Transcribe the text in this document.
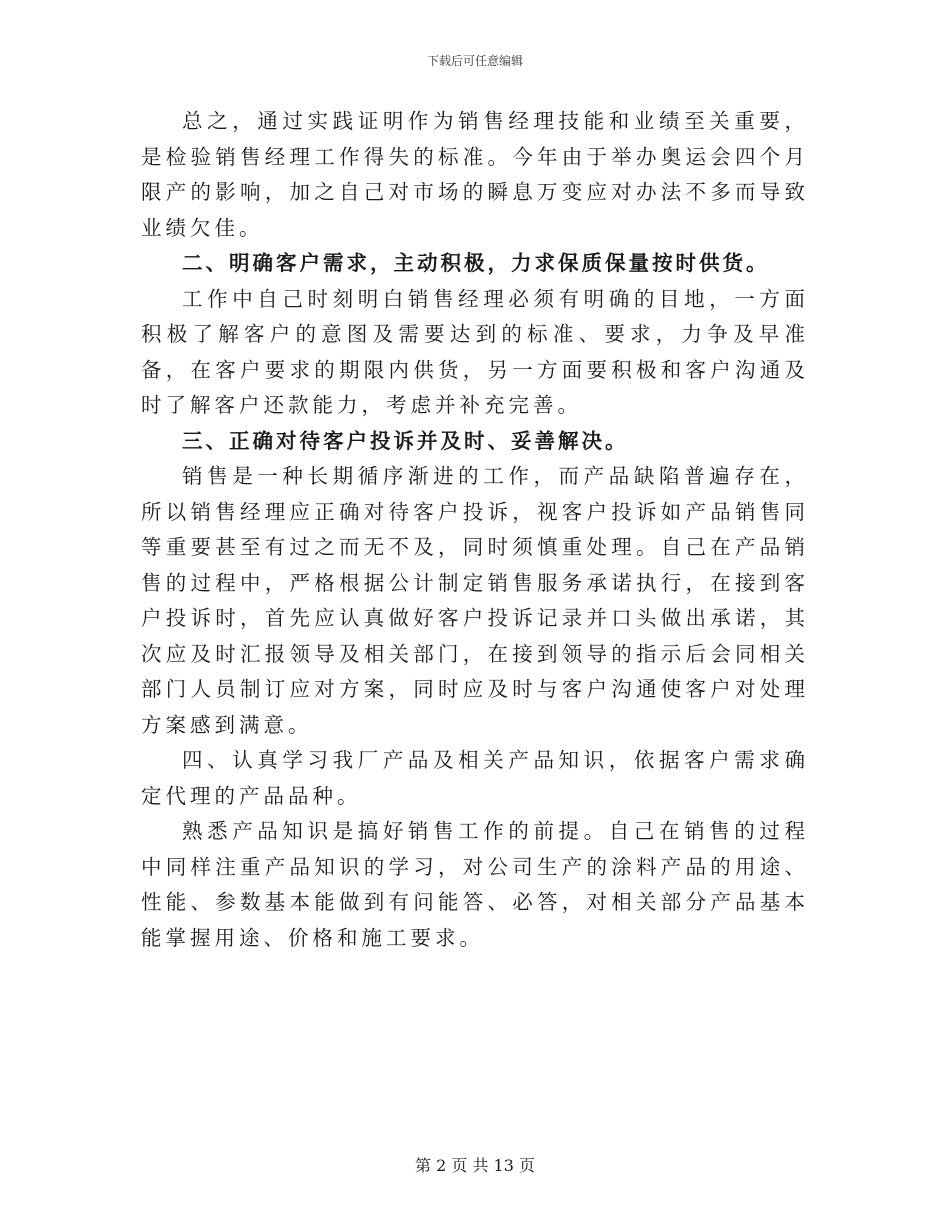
下载后可任意编辑

总之，通过实践证明作为销售经理技能和业绩至关重要，是检验销售经理工作得失的标准。今年由于举办奥运会四个月限产的影响，加之自己对市场的瞬息万变应对办法不多而导致业绩欠佳。

二、明确客户需求，主动积极，力求保质保量按时供货。

工作中自己时刻明白销售经理必须有明确的目地，一方面积极了解客户的意图及需要达到的标准、要求，力争及早准备，在客户要求的期限内供货，另一方面要积极和客户沟通及时了解客户还款能力，考虑并补充完善。

三、正确对待客户投诉并及时、妥善解决。

销售是一种长期循序渐进的工作，而产品缺陷普遍存在，所以销售经理应正确对待客户投诉，视客户投诉如产品销售同等重要甚至有过之而无不及，同时须慎重处理。自己在产品销售的过程中，严格根据公计制定销售服务承诺执行，在接到客户投诉时，首先应认真做好客户投诉记录并口头做出承诺，其次应及时汇报领导及相关部门，在接到领导的指示后会同相关部门人员制订应对方案，同时应及时与客户沟通使客户对处理方案感到满意。

四、认真学习我厂产品及相关产品知识，依据客户需求确定代理的产品品种。

熟悉产品知识是搞好销售工作的前提。自己在销售的过程中同样注重产品知识的学习，对公司生产的涂料产品的用途、性能、参数基本能做到有问能答、必答，对相关部分产品基本能掌握用途、价格和施工要求。

第 2 页 共 13 页
